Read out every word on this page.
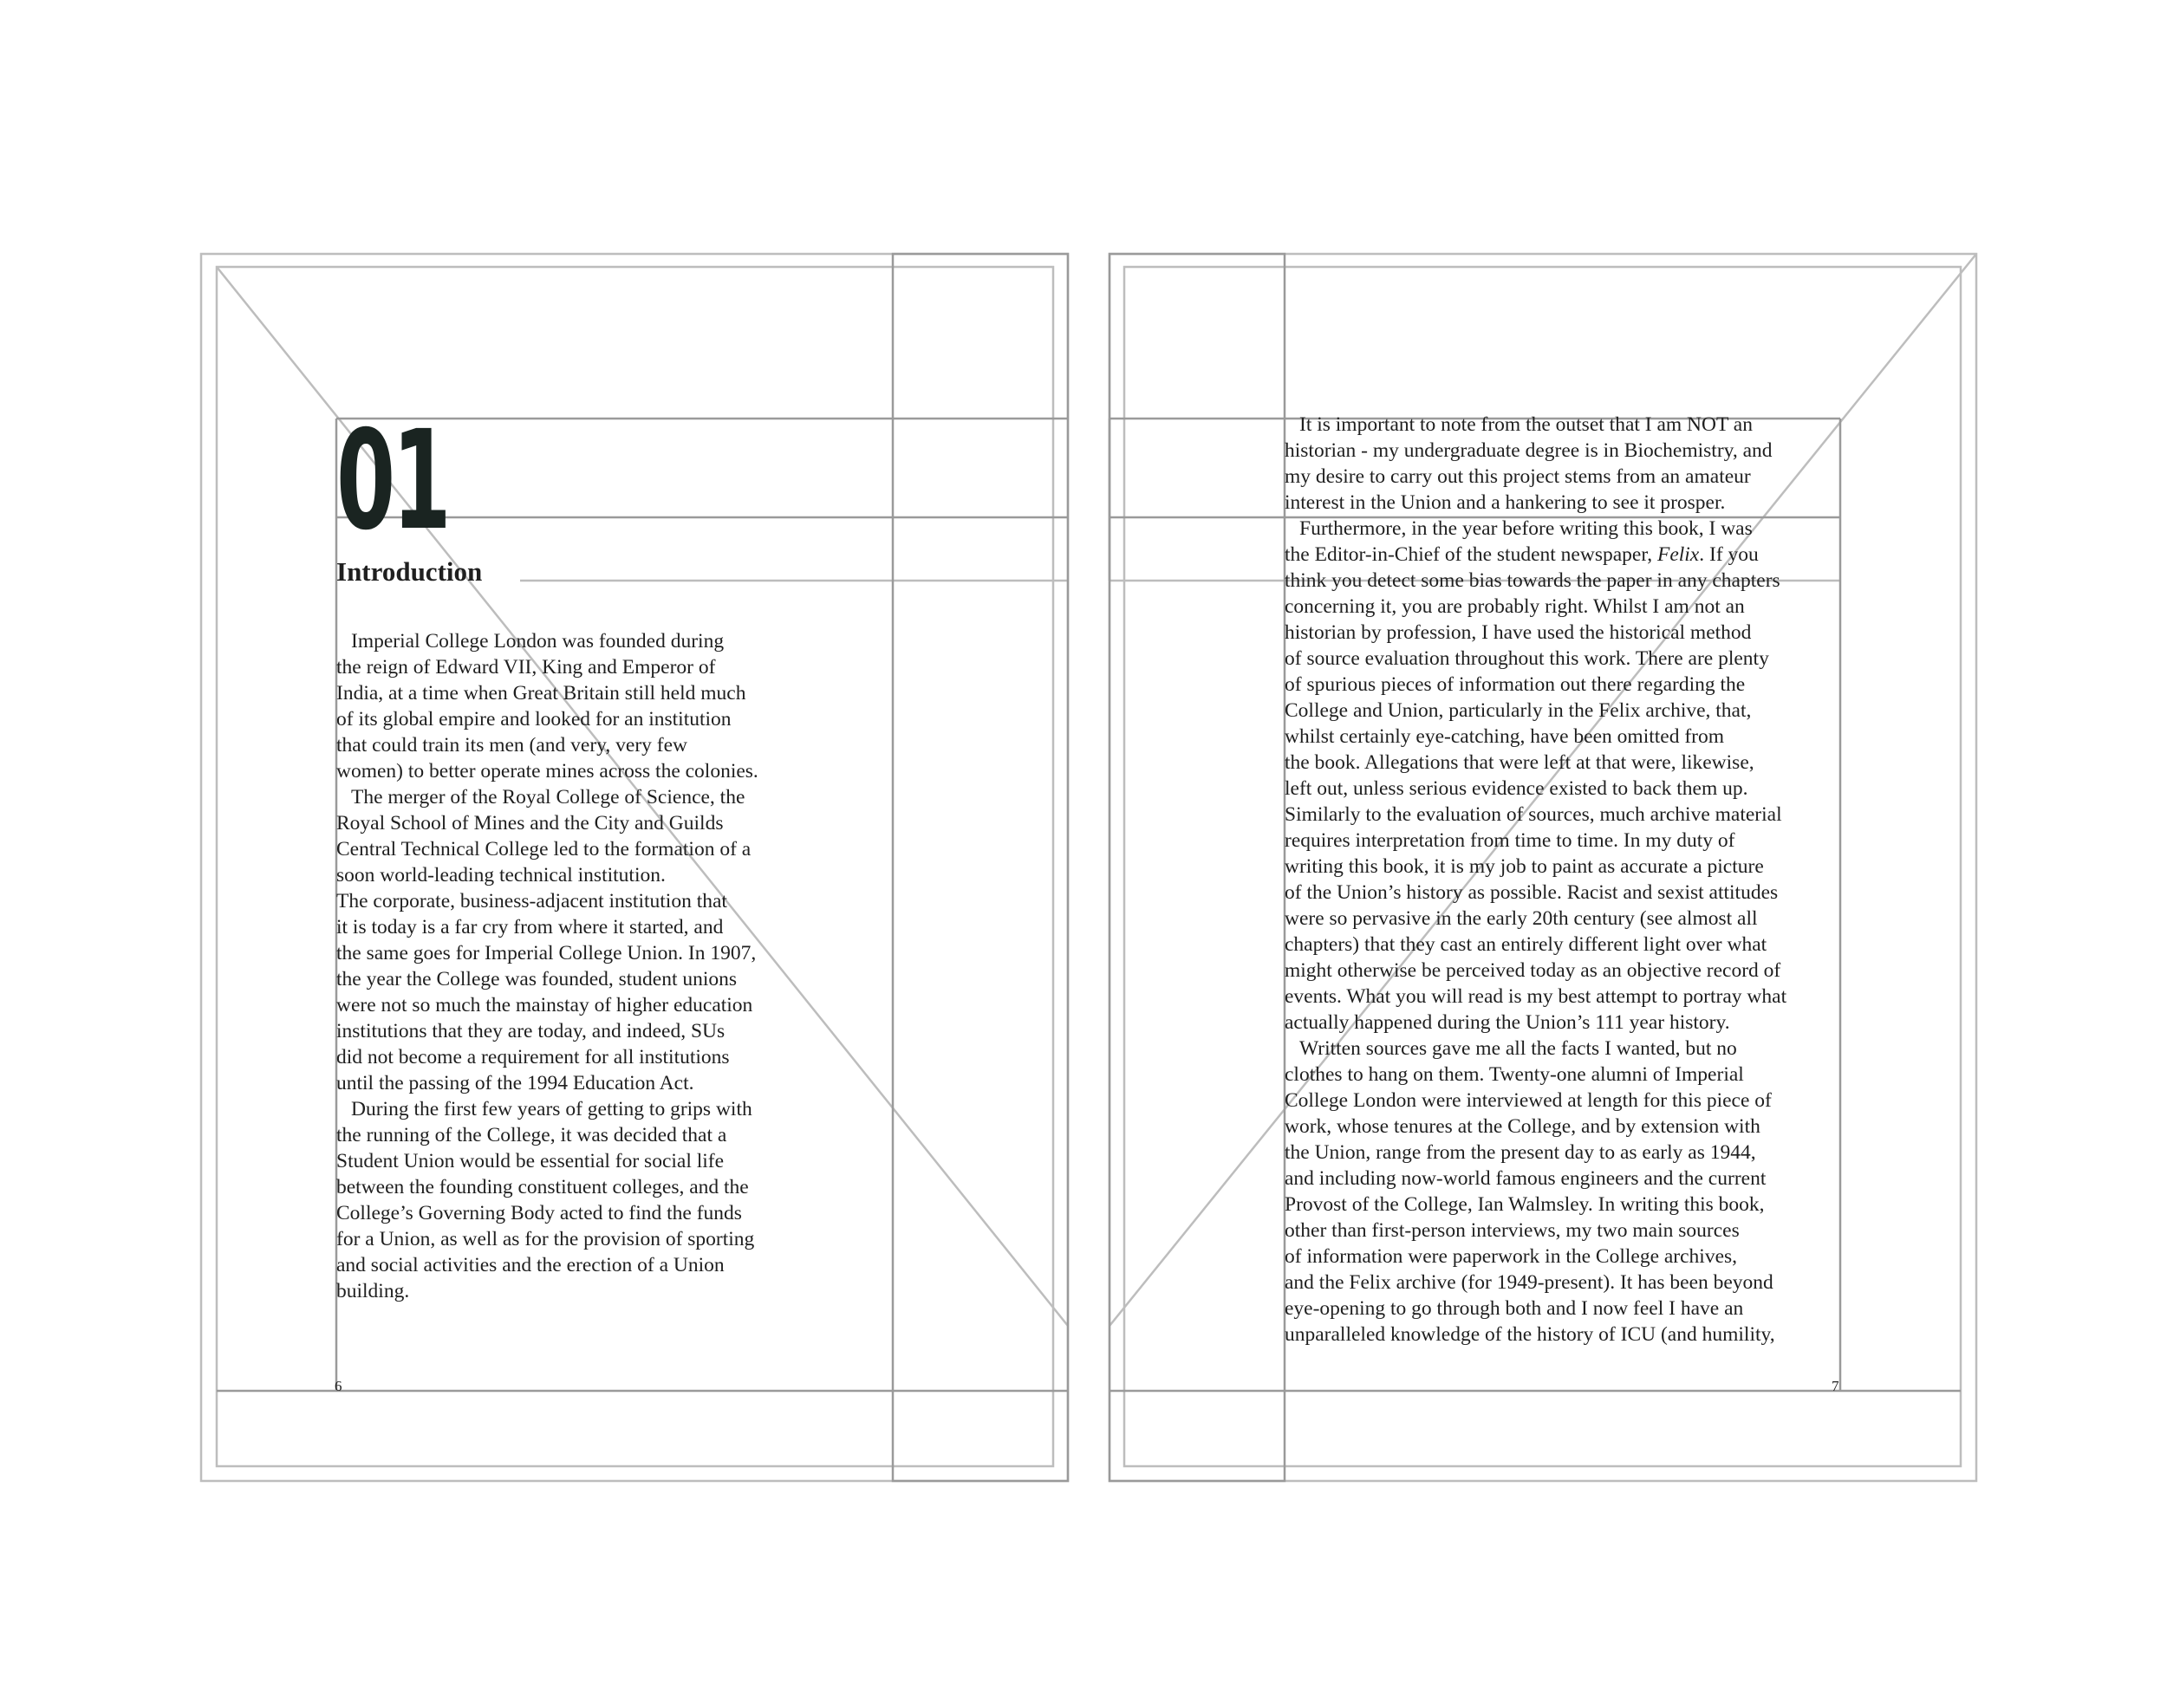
01
Introduction
Imperial College London was founded during
the reign of Edward VII, King and Emperor of
India, at a time when Great Britain still held much
of its global empire and looked for an institution
that could train its men (and very, very few
women) to better operate mines across the colonies.
The merger of the Royal College of Science, the
Royal School of Mines and the City and Guilds
Central Technical College led to the formation of a
soon world-leading technical institution.
The corporate, business-adjacent institution that
it is today is a far cry from where it started, and
the same goes for Imperial College Union. In 1907,
the year the College was founded, student unions
were not so much the mainstay of higher education
institutions that they are today, and indeed, SUs
did not become a requirement for all institutions
until the passing of the 1994 Education Act.
During the first few years of getting to grips with
the running of the College, it was decided that a
Student Union would be essential for social life
between the founding constituent colleges, and the
College’s Governing Body acted to find the funds
for a Union, as well as for the provision of sporting
and social activities and the erection of a Union
building.
6
It is important to note from the outset that I am NOT an
historian - my undergraduate degree is in Biochemistry, and
my desire to carry out this project stems from an amateur
interest in the Union and a hankering to see it prosper.
Furthermore, in the year before writing this book, I was
the Editor-in-Chief of the student newspaper, Felix. If you
think you detect some bias towards the paper in any chapters
concerning it, you are probably right. Whilst I am not an
historian by profession, I have used the historical method
of source evaluation throughout this work. There are plenty
of spurious pieces of information out there regarding the
College and Union, particularly in the Felix archive, that,
whilst certainly eye-catching, have been omitted from
the book. Allegations that were left at that were, likewise,
left out, unless serious evidence existed to back them up.
Similarly to the evaluation of sources, much archive material
requires interpretation from time to time. In my duty of
writing this book, it is my job to paint as accurate a picture
of the Union’s history as possible. Racist and sexist attitudes
were so pervasive in the early 20th century (see almost all
chapters) that they cast an entirely different light over what
might otherwise be perceived today as an objective record of
events. What you will read is my best attempt to portray what
actually happened during the Union’s 111 year history.
Written sources gave me all the facts I wanted, but no
clothes to hang on them. Twenty-one alumni of Imperial
College London were interviewed at length for this piece of
work, whose tenures at the College, and by extension with
the Union, range from the present day to as early as 1944,
and including now-world famous engineers and the current
Provost of the College, Ian Walmsley. In writing this book,
other than first-person interviews, my two main sources
of information were paperwork in the College archives,
and the Felix archive (for 1949-present). It has been beyond
eye-opening to go through both and I now feel I have an
unparalleled knowledge of the history of ICU (and humility,
7
